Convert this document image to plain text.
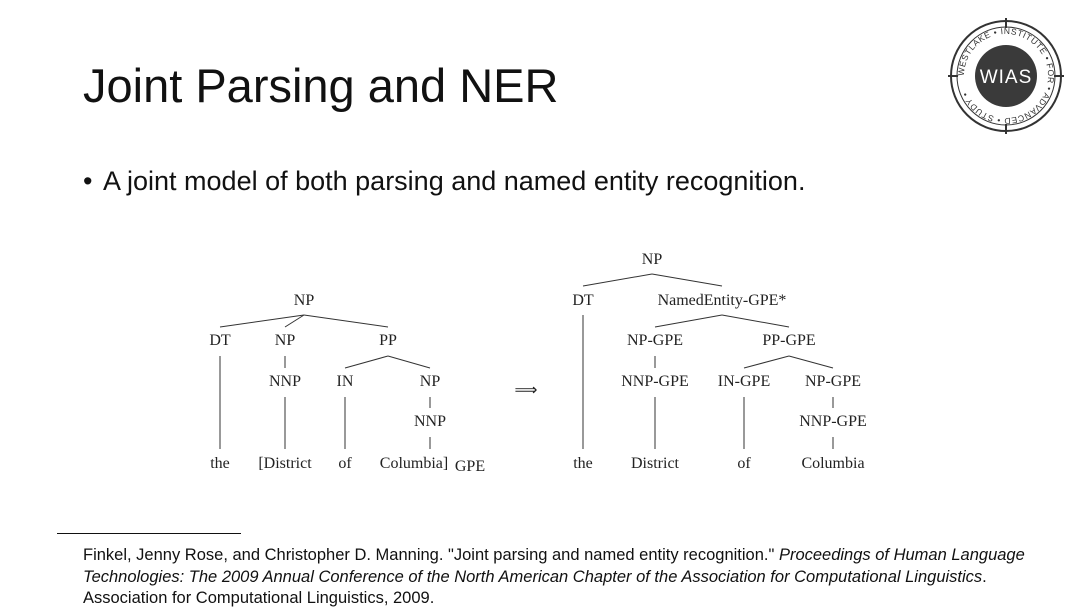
Joint Parsing and NER
• A joint model of both parsing and named entity recognition.
WESTLAKE • INSTITUTE • FOR • ADVANCED • STUDY •
WIAS
NP
DT	NP	PP
NNP IN	NP
NNP
the [District of Columbia] GPE
⟹
NP
DT	NamedEntity-GPE*
NP-GPE	PP-GPE
NNP-GPE IN-GPE NP-GPE
NNP-GPE
the District	of	Columbia
Finkel, Jenny Rose, and Christopher D. Manning. "Joint parsing and named entity recognition." Proceedings of Human Language Technologies: The 2009 Annual Conference of the North American Chapter of the Association for Computational Linguistics. Association for Computational Linguistics, 2009.
